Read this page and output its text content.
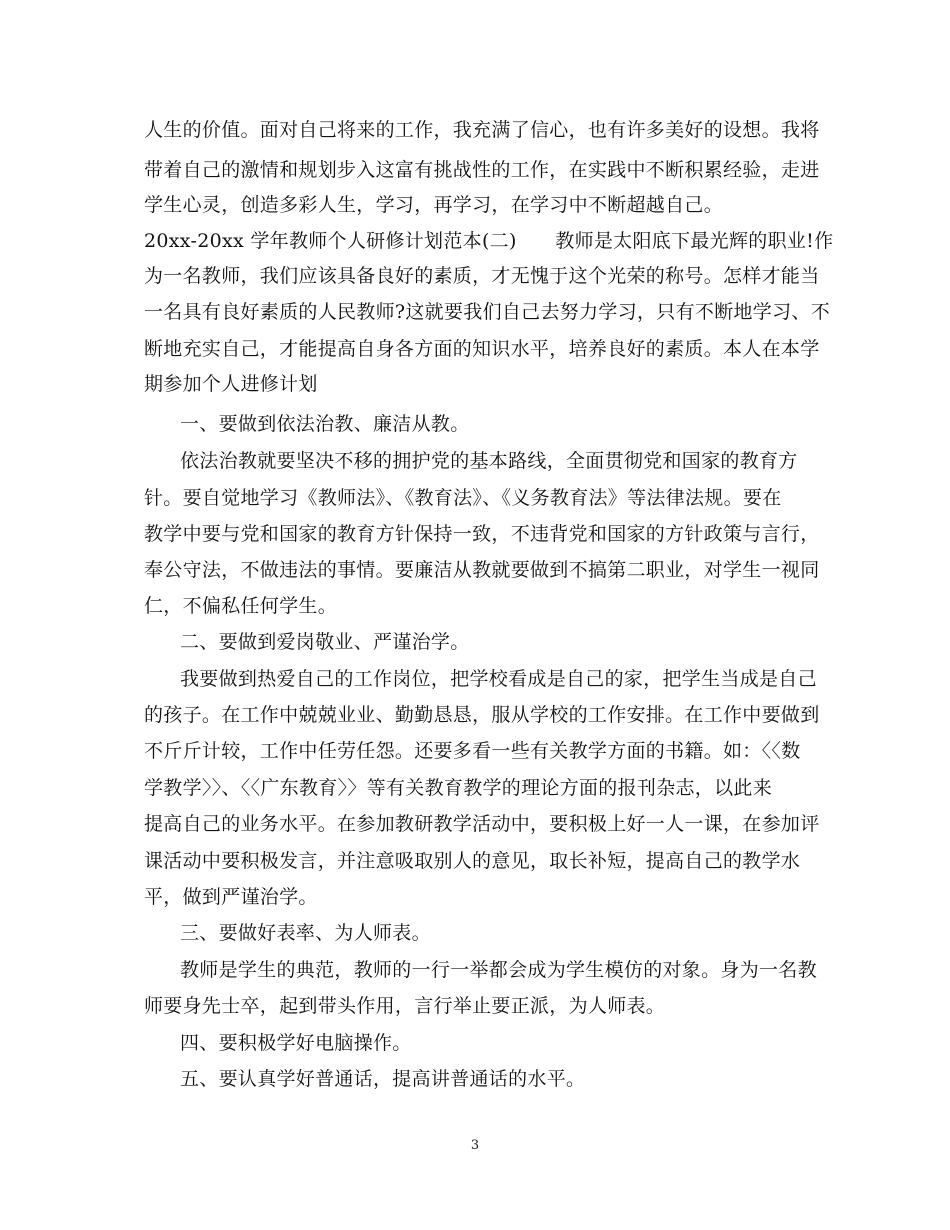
人生的价值。面对自己将来的工作，我充满了信心，也有许多美好的设想。我将
带着自己的激情和规划步入这富有挑战性的工作，在实践中不断积累经验，走进
学生心灵，创造多彩人生，学习，再学习，在学习中不断超越自己。
20xx-20xx 学年教师个人研修计划范本(二)　　教师是太阳底下最光辉的职业!作
为一名教师，我们应该具备良好的素质，才无愧于这个光荣的称号。怎样才能当
一名具有良好素质的人民教师?这就要我们自己去努力学习，只有不断地学习、不
断地充实自己，才能提高自身各方面的知识水平，培养良好的素质。本人在本学
期参加个人进修计划
一、要做到依法治教、廉洁从教。
依法治教就要坚决不移的拥护党的基本路线，全面贯彻党和国家的教育方
针。要自觉地学习《教师法》、《教育法》、《义务教育法》等法律法规。要在
教学中要与党和国家的教育方针保持一致，不违背党和国家的方针政策与言行，
奉公守法，不做违法的事情。要廉洁从教就要做到不搞第二职业，对学生一视同
仁，不偏私任何学生。
二、要做到爱岗敬业、严谨治学。
我要做到热爱自己的工作岗位，把学校看成是自己的家，把学生当成是自己
的孩子。在工作中兢兢业业、勤勤恳恳，服从学校的工作安排。在工作中要做到
不斤斤计较，工作中任劳任怨。还要多看一些有关教学方面的书籍。如：〈〈数
学教学〉〉、〈〈广东教育〉〉等有关教育教学的理论方面的报刊杂志，以此来
提高自己的业务水平。在参加教研教学活动中，要积极上好一人一课，在参加评
课活动中要积极发言，并注意吸取别人的意见，取长补短，提高自己的教学水
平，做到严谨治学。
三、要做好表率、为人师表。
教师是学生的典范，教师的一行一举都会成为学生模仿的对象。身为一名教
师要身先士卒，起到带头作用，言行举止要正派，为人师表。
四、要积极学好电脑操作。
五、要认真学好普通话，提高讲普通话的水平。
3
